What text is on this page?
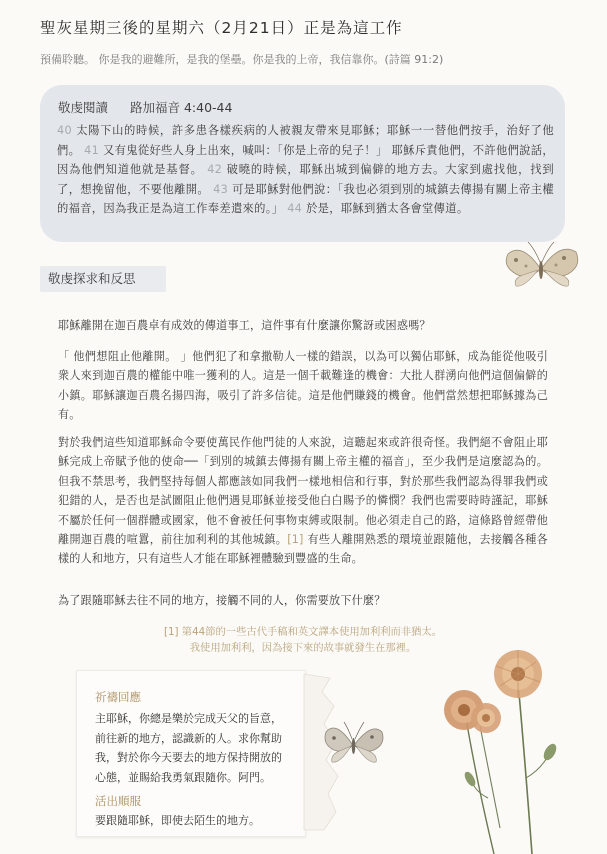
聖灰星期三後的星期六（2月21日）正是為這工作
預備聆聽。 你是我的避難所，是我的堡壘。你是我的上帝，我信靠你。(詩篇 91:2)
敬虔閱讀 路加福音 4:40-44
40 太陽下山的時候，許多患各樣疾病的人被親友帶來見耶穌；耶穌一一替他們按手，治好了他們。 41 又有鬼從好些人身上出來，喊叫：「你是上帝的兒子！」 耶穌斥責他們，不許他們說話，因為他們知道他就是基督。 42 破曉的時候，耶穌出城到偏僻的地方去。大家到處找他，找到了，想挽留他，不要他離開。 43 可是耶穌對他們說：「我也必須到別的城鎮去傳揚有關上帝主權的福音，因為我正是為這工作奉差遣來的。」 44 於是，耶穌到猶太各會堂傳道。
敬虔探求和反思
耶穌離開在迦百農卓有成效的傳道事工，這件事有什麼讓你驚訝或困惑嗎？
「 他們想阻止他離開。 」他們犯了和拿撒勒人一樣的錯誤，以為可以獨佔耶穌，成為能從他吸引衆人來到迦百農的權能中唯一獲利的人。這是一個千載難逢的機會：大批人群湧向他們這個偏僻的小鎮。耶穌讓迦百農名揚四海，吸引了許多信徒。這是他們賺錢的機會。他們當然想把耶穌據為己有。
對於我們這些知道耶穌命令要使萬民作他門徒的人來說，這聽起來或許很奇怪。我們絕不會阻止耶穌完成上帝賦予他的使命──「到別的城鎮去傳揚有關上帝主權的福音」，至少我們是這麼認為的。但我不禁思考，我們堅持每個人都應該如同我們一樣地相信和行事，對於那些我們認為得罪我們或犯錯的人，是否也是試圖阻止他們遇見耶穌並接受他白白賜予的憐憫？我們也需要時時謹記，耶穌不屬於任何一個群體或國家，他不會被任何事物束縛或限制。他必須走自己的路，這條路曾經帶他離開迦百農的喧囂，前往加利利的其他城鎮。[1] 有些人離開熟悉的環境並跟隨他，去接觸各種各樣的人和地方，只有這些人才能在耶穌裡體驗到豐盛的生命。
為了跟隨耶穌去往不同的地方，接觸不同的人，你需要放下什麼？
[1] 第44節的一些古代手稿和英文譯本使用加利利而非猶太。
我使用加利利，因為接下來的故事就發生在那裡。
祈禱回應
主耶穌，你總是樂於完成天父的旨意，
前往新的地方，認識新的人。求你幫助
我，對於你今天要去的地方保持開放的
心態，並賜給我勇氣跟隨你。阿門。
活出順服
要跟隨耶穌，即使去陌生的地方。
